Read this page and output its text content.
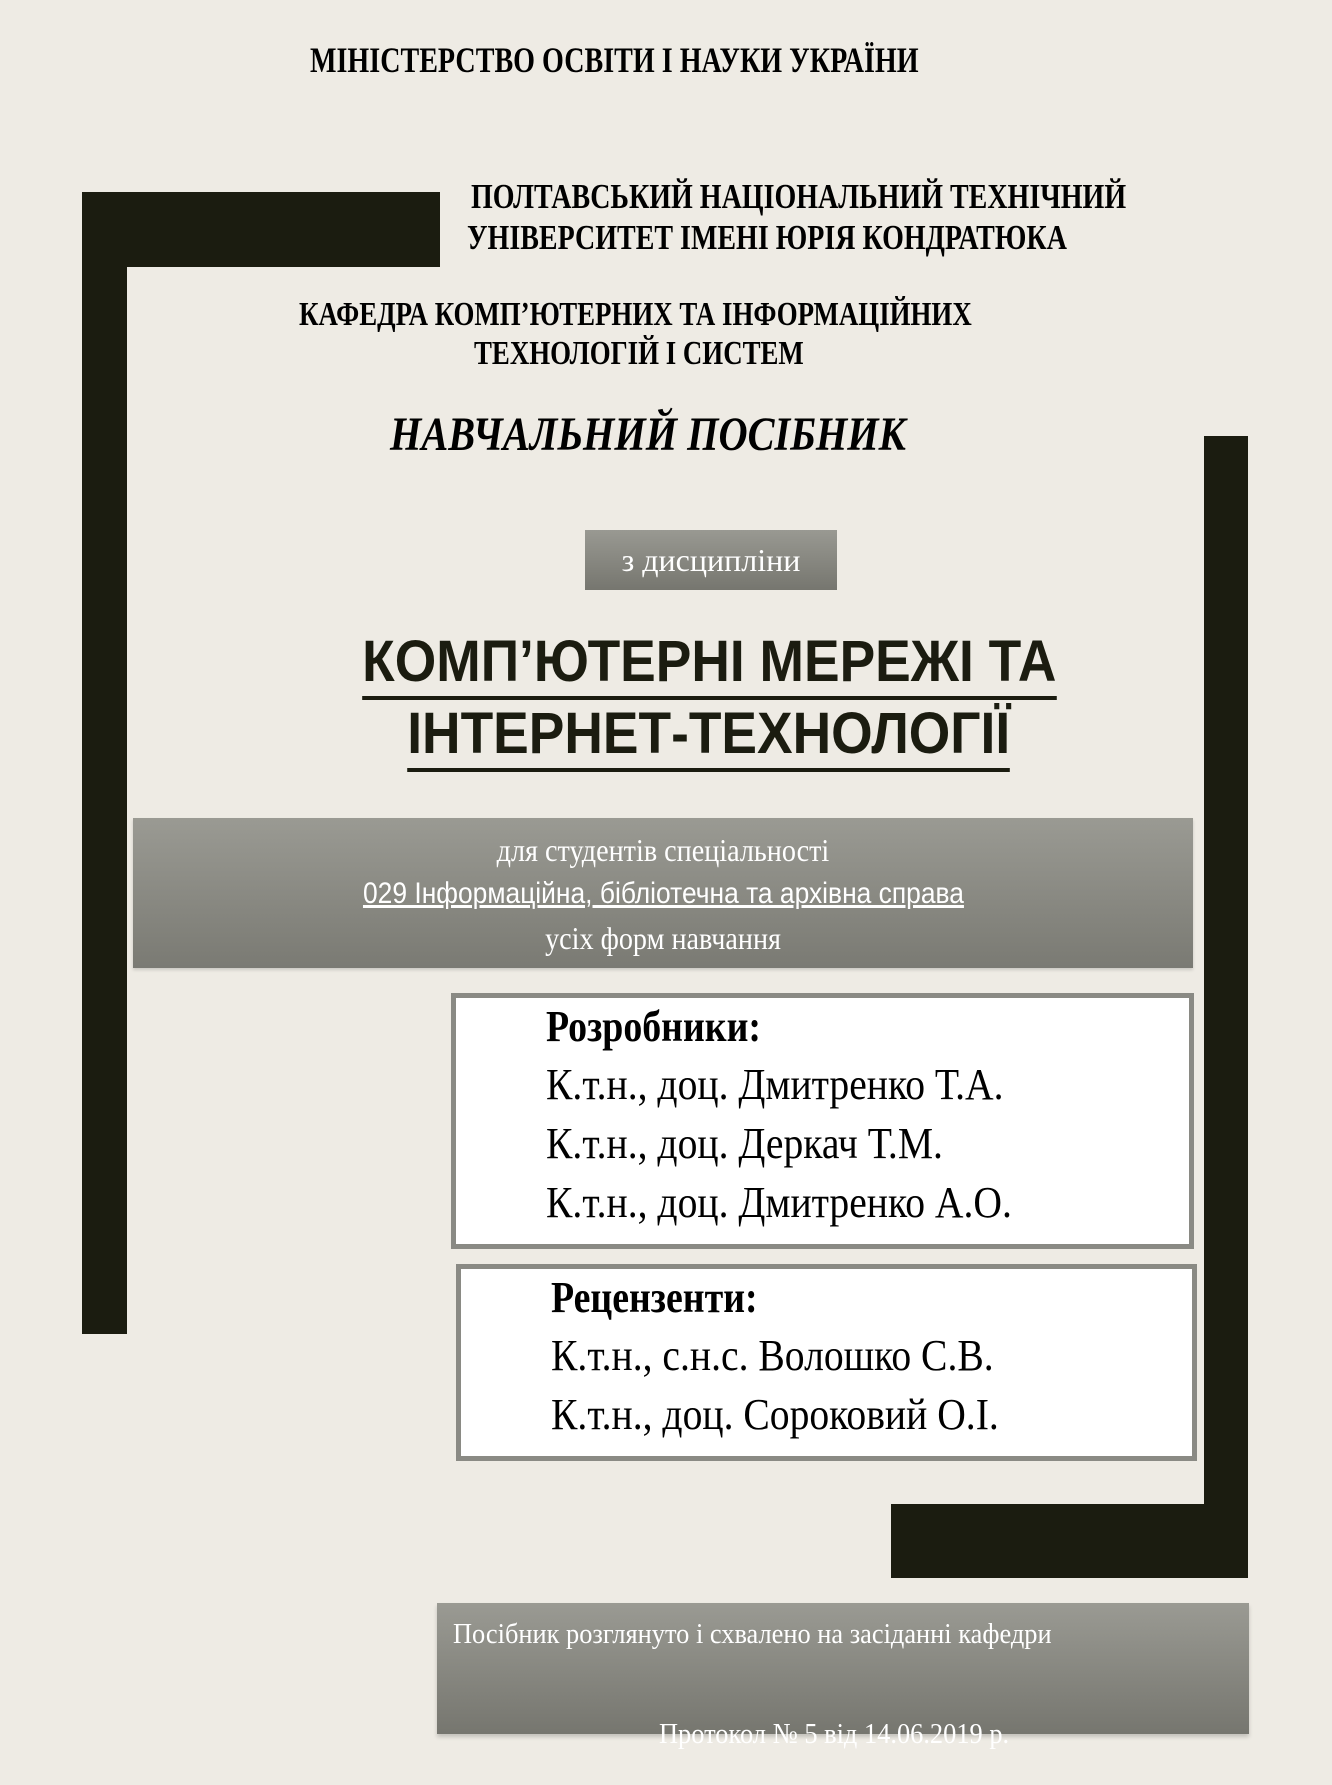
МІНІСТЕРСТВО ОСВІТИ І НАУКИ УКРАЇНИ
ПОЛТАВСЬКИЙ НАЦІОНАЛЬНИЙ ТЕХНІЧНИЙ
УНІВЕРСИТЕТ ІМЕНІ ЮРІЯ КОНДРАТЮКА
КАФЕДРА КОМП’ЮТЕРНИХ ТА ІНФОРМАЦІЙНИХ
ТЕХНОЛОГІЙ І СИСТЕМ
НАВЧАЛЬНИЙ ПОСІБНИК
з дисципліни
КОМП’ЮТЕРНІ МЕРЕЖІ ТА
ІНТЕРНЕТ-ТЕХНОЛОГІЇ
для студентів спеціальності
029 Інформаційна, бібліотечна та архівна справа
усіх форм навчання
Розробники:
К.т.н., доц. Дмитренко Т.А.
К.т.н., доц. Деркач Т.М.
К.т.н., доц. Дмитренко А.О.
Рецензенти:
К.т.н., с.н.с. Волошко С.В.
К.т.н., доц. Сороковий О.І.
Посібник розглянуто і схвалено на засіданні кафедри

Протокол № 5 від 14.06.2019 р.
